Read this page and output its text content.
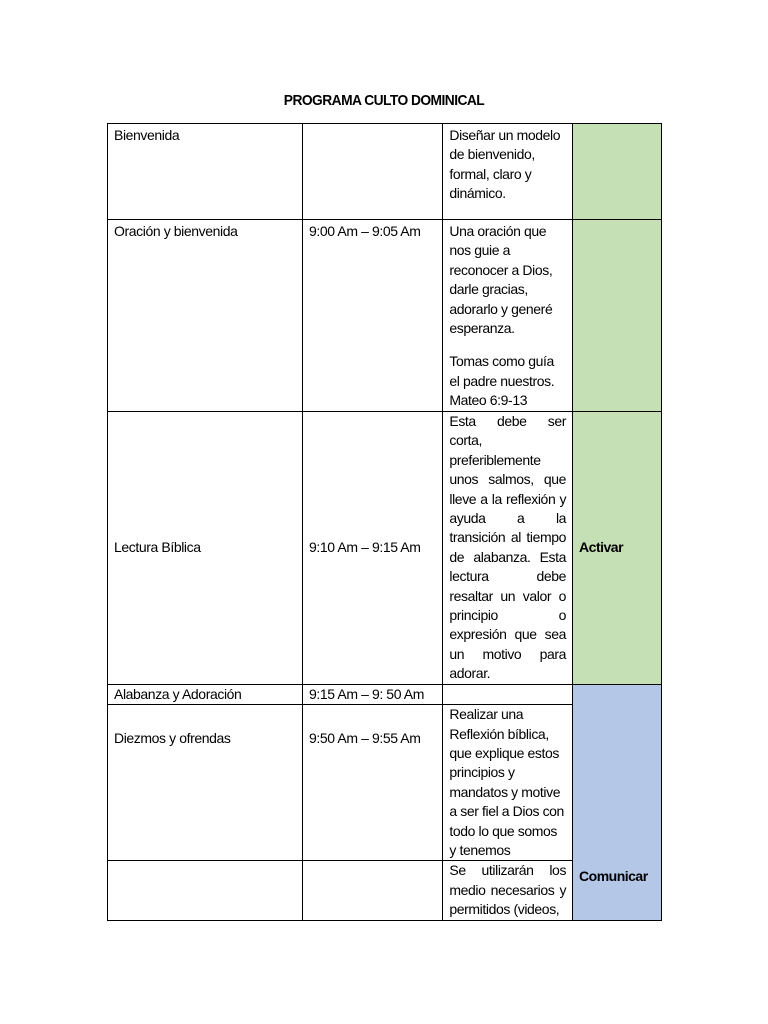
PROGRAMA CULTO DOMINICAL
Bienvenida		Diseñar un modelo de bienvenido, formal, claro y dinámico.	
Oración y bienvenida	9:00 Am – 9:05 Am	Una oración que nos guie a reconocer a Dios, darle gracias, adorarlo y generé esperanza.
Tomas como guía el padre nuestros. Mateo 6:9-13	

Lectura Bíblica	9:10 Am – 9:15 Am	Esta debe ser corta, preferiblemente unos salmos, que lleve a la reflexión y ayuda a la transición al tiempo de alabanza. Esta lectura debe resaltar un valor o principio o expresión que sea un motivo para adorar.	Activar
Alabanza y Adoración	9:15 Am – 9: 50 Am		Comunicar
Diezmos y ofrendas	9:50 Am – 9:55 Am	Realizar una Reflexión bíblica, que explique estos principios y mandatos y motive a ser fiel a Dios con todo lo que somos y tenemos	
		Se utilizarán los medio necesarios y permitidos (videos,	
